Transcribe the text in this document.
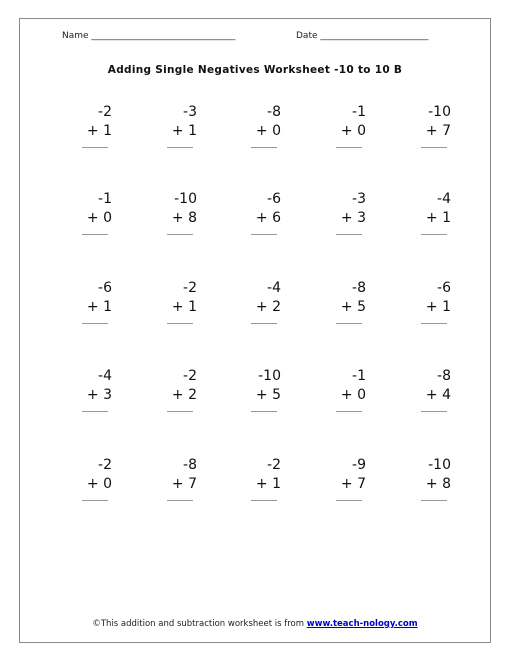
Name ________________________________	Date ________________________
Adding Single Negatives Worksheet -10 to 10 B
-2
+ 1
-3
+ 1
-8
+ 0
-1
+ 0
-10
+ 7
-1
+ 0
-10
+ 8
-6
+ 6
-3
+ 3
-4
+ 1
-6
+ 1
-2
+ 1
-4
+ 2
-8
+ 5
-6
+ 1
-4
+ 3
-2
+ 2
-10
+ 5
-1
+ 0
-8
+ 4
-2
+ 0
-8
+ 7
-2
+ 1
-9
+ 7
-10
+ 8
©This addition and subtraction worksheet is from www.teach-nology.com
